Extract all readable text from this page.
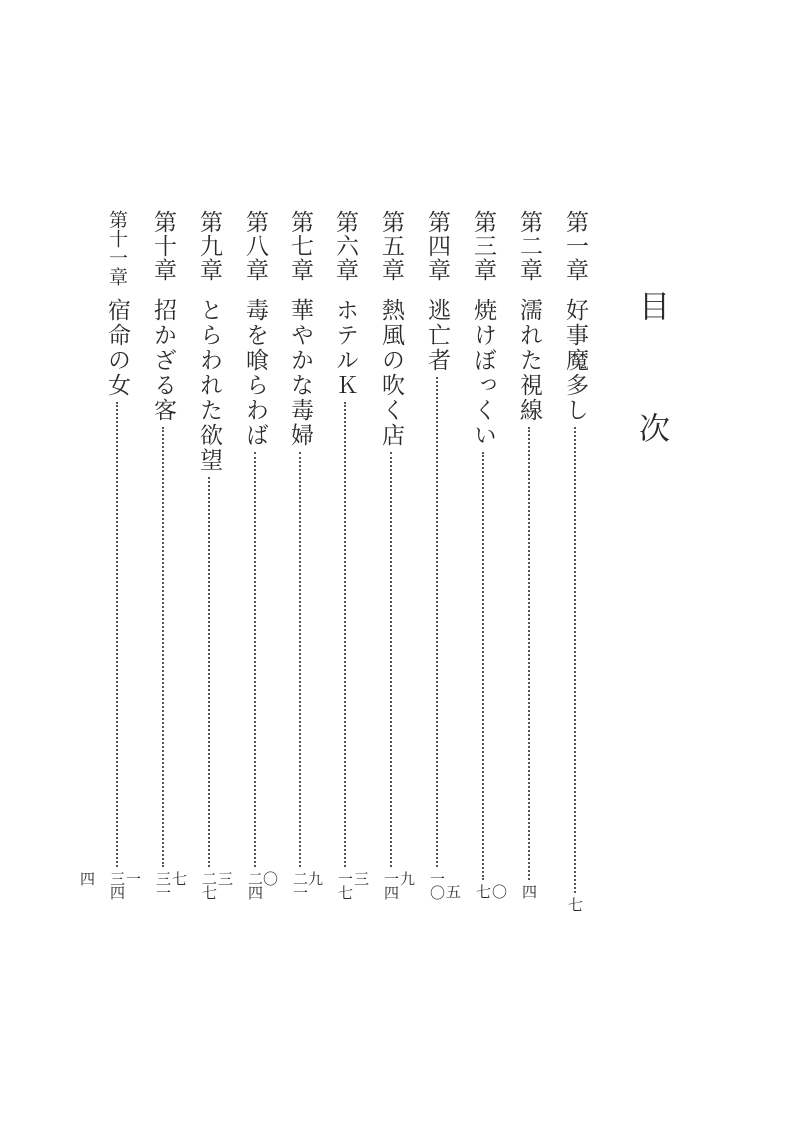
目　次
第一章
好事魔多し
七
第二章
濡れた視線
四〇
第三章
焼けぼっくい
七五
第四章
逃亡者
一〇九
第五章
熱風の吹く店
一四三
第六章
ホテルＫ
一七九
第七章
華やかな毒婦
二一〇
第八章
毒を喰らわば
二四三
第九章
とらわれた欲望
二七七
第十章
招かざる客
三一一
第十一章
宿命の女
三四四
